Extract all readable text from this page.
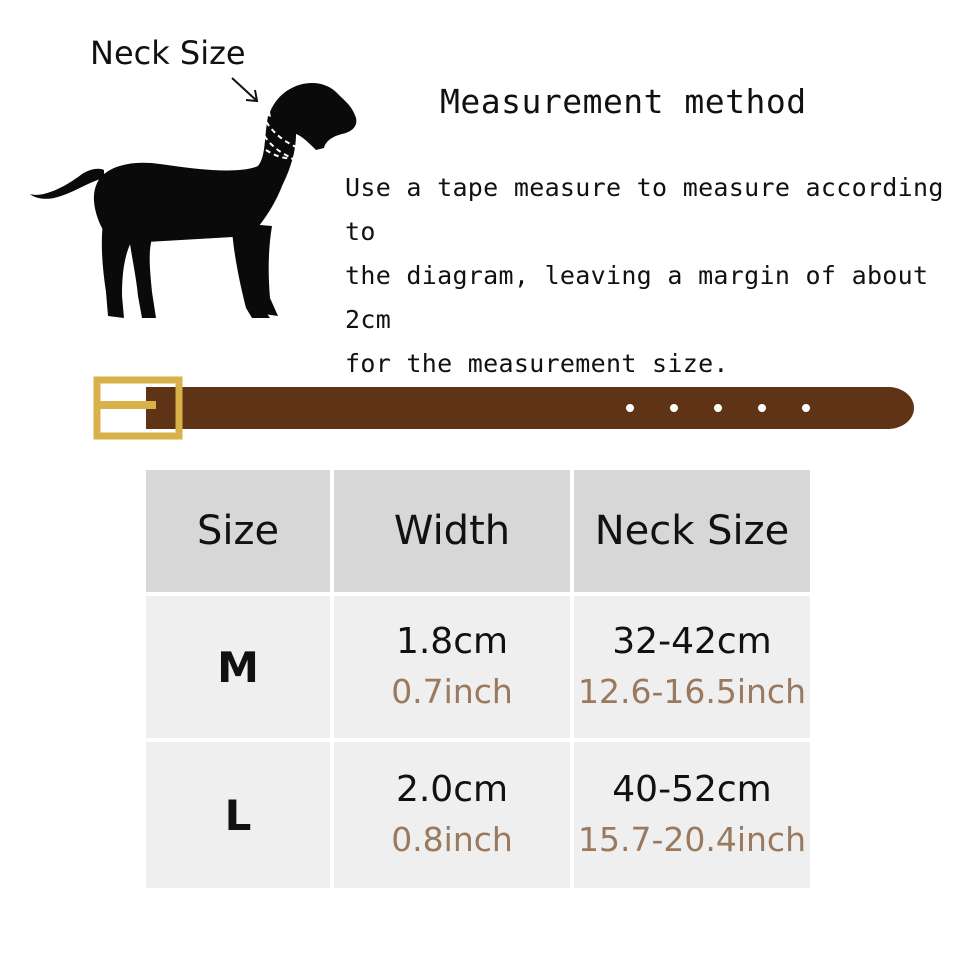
Neck Size
Measurement method
Use a tape measure to measure according to
the diagram, leaving a margin of about 2cm
for the measurement size.
Size	Width	Neck Size
M
1.8cm
0.7inch
32-42cm
12.6-16.5inch
L
2.0cm
0.8inch
40-52cm
15.7-20.4inch
